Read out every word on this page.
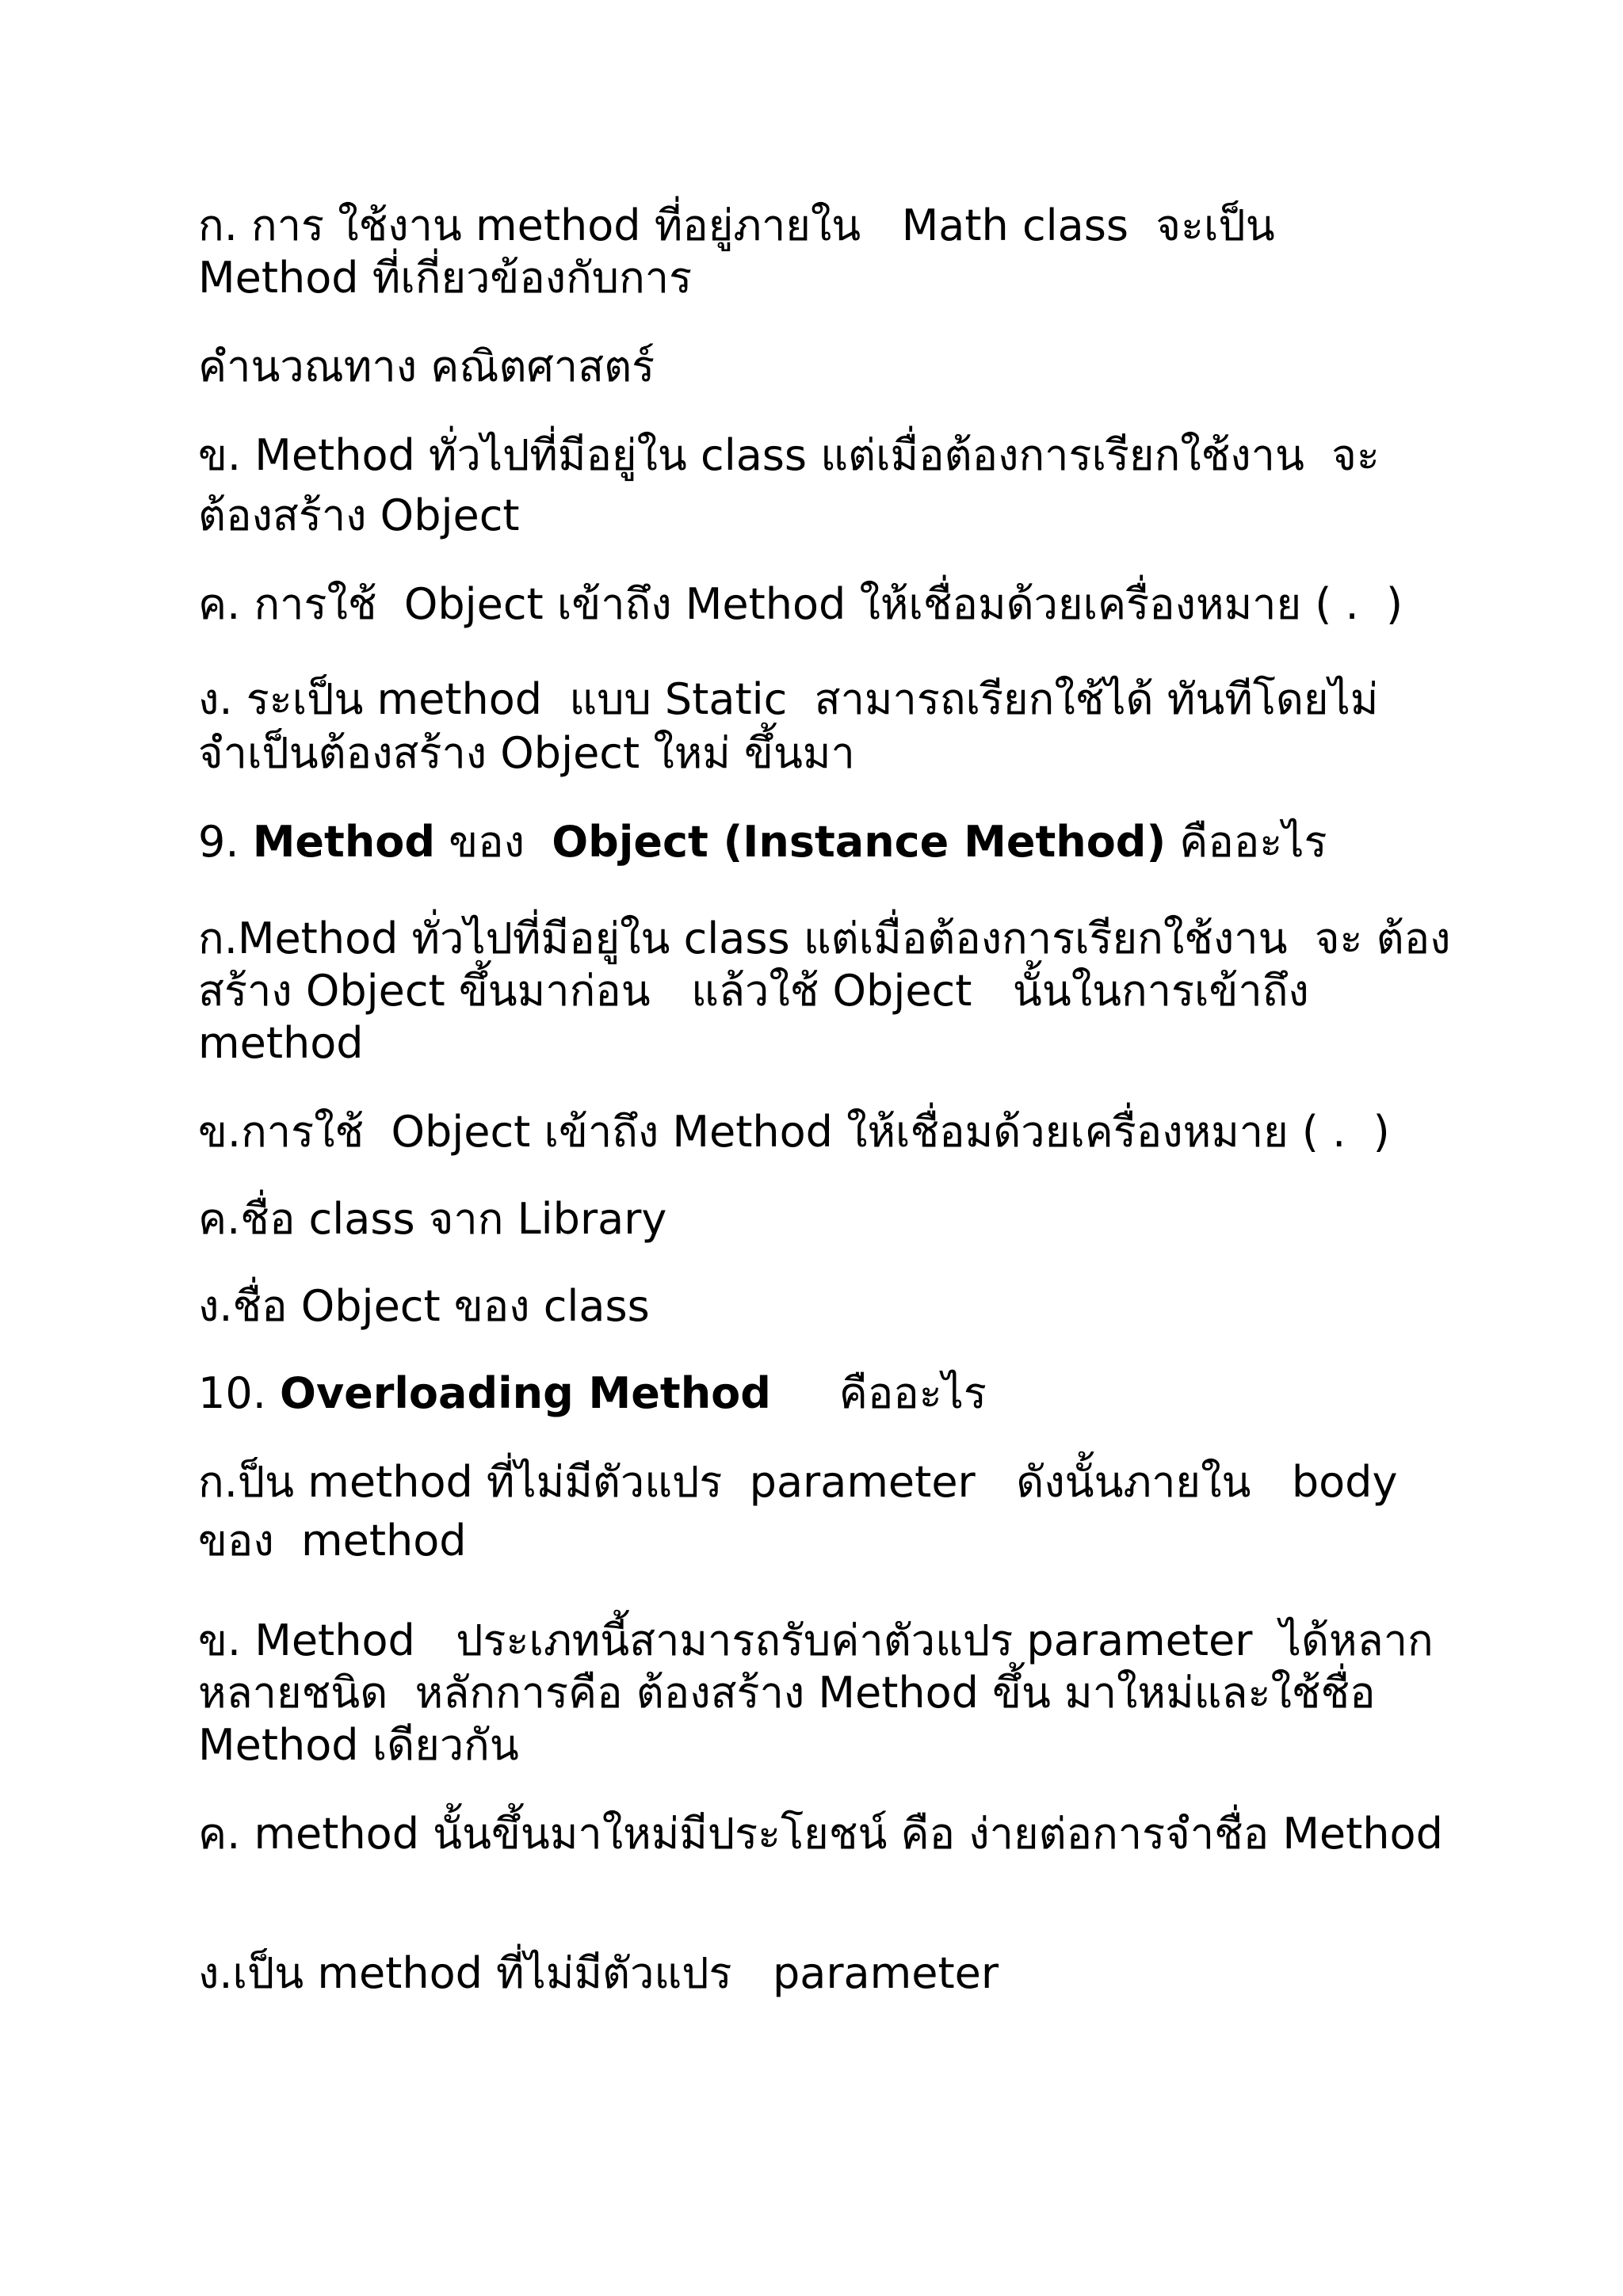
ก. การ ใช้งาน method ที่อยู่ภายใน   Math class  จะเป็น
Method ที่เกี่ยวข้องกับการ
คำนวณทาง คณิตศาสตร์
ข. Method ทั่วไปที่มีอยู่ใน class แต่เมื่อต้องการเรียกใช้งาน  จะ
ต้องสร้าง Object
ค. การใช้  Object เข้าถึง Method ให้เชื่อมด้วยเครื่องหมาย ( .  )
ง. ระเป็น method  แบบ Static  สามารถเรียกใช้ได้ ทันทีโดยไม่
จำเป็นต้องสร้าง Object ใหม่ ขึ้นมา
9. Method ของ  Object (Instance Method) คืออะไร
ก.Method ทั่วไปที่มีอยู่ใน class แต่เมื่อต้องการเรียกใช้งาน  จะ ต้อง
สร้าง Object ขึ้นมาก่อน   แล้วใช้ Object   นั้นในการเข้าถึง
method
ข.การใช้  Object เข้าถึง Method ให้เชื่อมด้วยเครื่องหมาย ( .  )
ค.ชื่อ class จาก Library
ง.ชื่อ Object ของ class
10. Overloading Method     คืออะไร
ก.ป็น method ที่ไม่มีตัวแปร  parameter   ดังนั้นภายใน   body
ของ  method
ข. Method   ประเภทนี้สามารถรับค่าตัวแปร parameter  ได้หลาก
หลายชนิด  หลักการคือ ต้องสร้าง Method ขึ้น มาใหม่และใช้ชื่อ
Method เดียวกัน
ค. method นั้นขึ้นมาใหม่มีประโยชน์ คือ ง่ายต่อการจำชื่อ Method
ง.เป็น method ที่ไม่มีตัวแปร   parameter
